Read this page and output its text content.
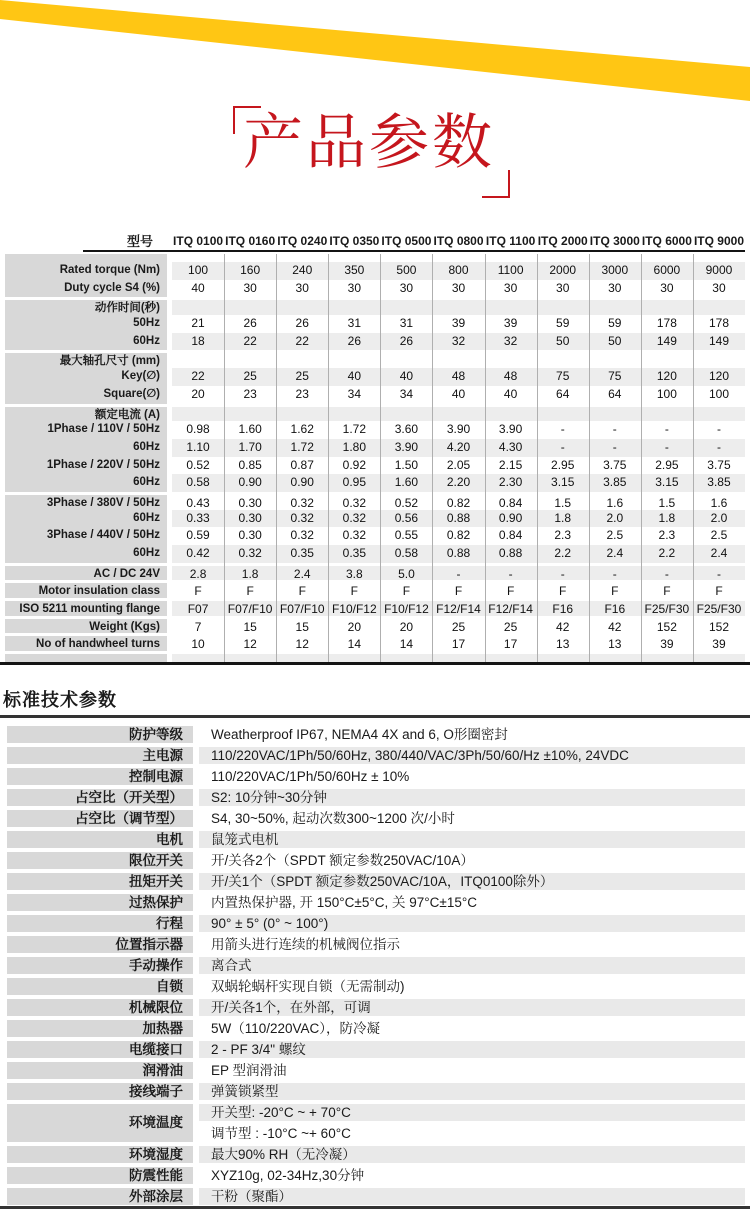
产品参数
型号	ITQ 0100 ITQ 0160 ITQ 0240 ITQ 0350 ITQ 0500 ITQ 0800 ITQ 1100 ITQ 2000 ITQ 3000 ITQ 6000 ITQ 9000
Rated torque (Nm)	100	160	240	350	500	800	1100	2000	3000	6000	9000
Duty cycle S4 (%)	40	30	30	30	30	30	30	30	30	30	30
动作时间(秒)
50Hz	21	26	26	31	31	39	39	59	59	178	178
60Hz	18	22	22	26	26	32	32	50	50	149	149
最大轴孔尺寸 (mm)
Key(∅)	22	25	25	40	40	48	48	75	75	120	120
Square(∅)	20	23	23	34	34	40	40	64	64	100	100
额定电流 (A)
1Phase / 110V / 50Hz	0.98	1.60	1.62	1.72	3.60	3.90	3.90	-	-	-	-
60Hz	1.10	1.70	1.72	1.80	3.90	4.20	4.30	-	-	-	-
1Phase / 220V / 50Hz	0.52	0.85	0.87	0.92	1.50	2.05	2.15	2.95	3.75	2.95	3.75
60Hz	0.58	0.90	0.90	0.95	1.60	2.20	2.30	3.15	3.85	3.15	3.85
3Phase / 380V / 50Hz	0.43	0.30	0.32	0.32	0.52	0.82	0.84	1.5	1.6	1.5	1.6
60Hz	0.33	0.30	0.32	0.32	0.56	0.88	0.90	1.8	2.0	1.8	2.0
3Phase / 440V / 50Hz	0.59	0.30	0.32	0.32	0.55	0.82	0.84	2.3	2.5	2.3	2.5
60Hz	0.42	0.32	0.35	0.35	0.58	0.88	0.88	2.2	2.4	2.2	2.4
AC / DC 24V	2.8	1.8	2.4	3.8	5.0	-	-	-	-	-	-
Motor insulation class	F	F	F	F	F	F	F	F	F	F	F
ISO 5211 mounting flange	F07	F07/F10 F07/F10 F10/F12 F10/F12 F12/F14 F12/F14	F16	F16	F25/F30 F25/F30
Weight (Kgs)	7	15	15	20	20	25	25	42	42	152	152
No of handwheel turns	10	12	12	14	14	17	17	13	13	39	39
标准技术参数
防护等级	Weatherproof IP67, NEMA4 4X and 6, O形圈密封
主电源	110/220VAC/1Ph/50/60Hz, 380/440/VAC/3Ph/50/60/Hz ±10%, 24VDC
控制电源	110/220VAC/1Ph/50/60Hz ± 10%
占空比（开关型）	S2: 10分钟~30分钟
占空比（调节型）	S4, 30~50%, 起动次数300~1200 次/小时
电机	鼠笼式电机
限位开关	开/关各2个（SPDT 额定参数250VAC/10A）
扭矩开关	开/关1个（SPDT 额定参数250VAC/10A，ITQ0100除外）
过热保护	内置热保护器, 开 150°C±5°C, 关 97°C±15°C
行程	90° ± 5° (0° ~ 100°)
位置指示器	用箭头进行连续的机械阀位指示
手动操作	离合式
自锁	双蜗轮蜗杆实现自锁（无需制动)
机械限位	开/关各1个，在外部，可调
加热器	5W（110/220VAC），防冷凝
电缆接口	2 - PF 3/4" 螺纹
润滑油	EP 型润滑油
接线端子	弹簧锁紧型
环境温度
开关型: -20°C ~ + 70°C
调节型 : -10°C ~+ 60°C
环境湿度	最大90% RH（无冷凝）
防震性能	XYZ10g, 02-34Hz,30分钟
外部涂层	干粉（聚酯）
